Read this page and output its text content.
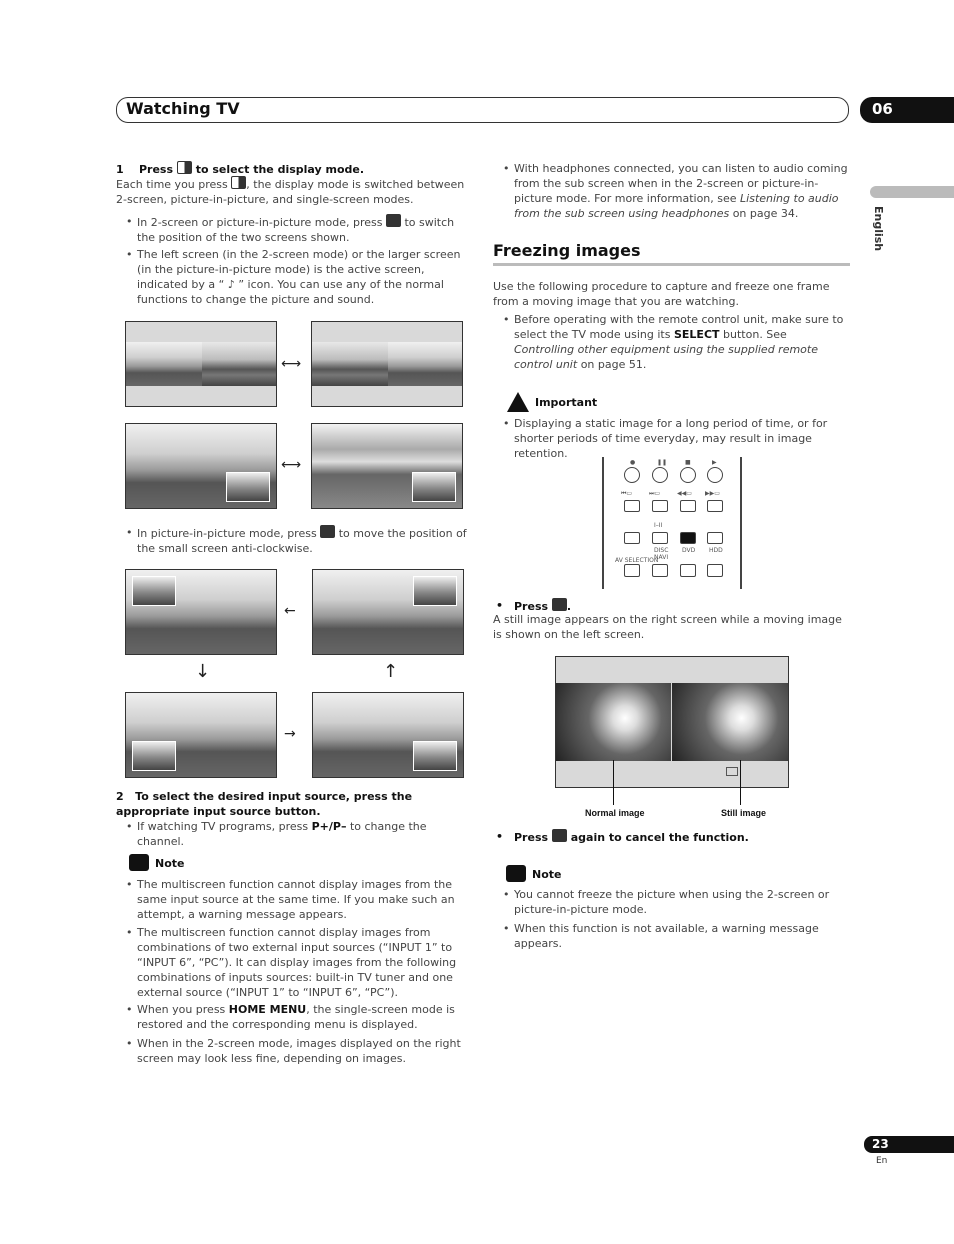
Watching TV	06
English
1 Press to select the display mode.
Each time you press , the display mode is switched between 2-screen, picture-in-picture, and single-screen modes.
• In 2-screen or picture-in-picture mode, press to switch the position of the two screens shown.
• The left screen (in the 2-screen mode) or the larger screen (in the picture-in-picture mode) is the active screen, indicated by a “ ♪ ” icon. You can use any of the normal functions to change the picture and sound.
⟷
⟷
• In picture-in-picture mode, press to move the position of the small screen anti-clockwise.
←
↓	↑
→
2 To select the desired input source, press the appropriate input source button.
• If watching TV programs, press P+/P– to change the channel.
Note
• The multiscreen function cannot display images from the same input source at the same time. If you make such an attempt, a warning message appears.
• The multiscreen function cannot display images from combinations of two external input sources (“INPUT 1” to “INPUT 6”, “PC”). It can display images from the following combinations of inputs sources: built-in TV tuner and one external source (“INPUT 1” to “INPUT 6”, “PC”).
• When you press HOME MENU, the single-screen mode is restored and the corresponding menu is displayed.
• When in the 2-screen mode, images displayed on the right screen may look less fine, depending on images.
• With headphones connected, you can listen to audio coming from the sub screen when in the 2-screen or picture-in-picture mode. For more information, see Listening to audio from the sub screen using headphones on page 34.
Freezing images
Use the following procedure to capture and freeze one frame from a moving image that you are watching.
• Before operating with the remote control unit, make sure to select the TV mode using its SELECT button. See Controlling other equipment using the supplied remote control unit on page 51.
Important
• Displaying a static image for a long period of time, or for shorter periods of time everyday, may result in image retention.
●	❚❚	■	▶
⏮▭	⏭▭	◀◀▭ ▶▶▭
I–II
DISC NAVI
DVD HDD
AV SELECTION
• Press .
A still image appears on the right screen while a moving image is shown on the left screen.
Normal image	Still image
• Press again to cancel the function.
Note
• You cannot freeze the picture when using the 2-screen or picture-in-picture mode.
• When this function is not available, a warning message appears.
23
En
